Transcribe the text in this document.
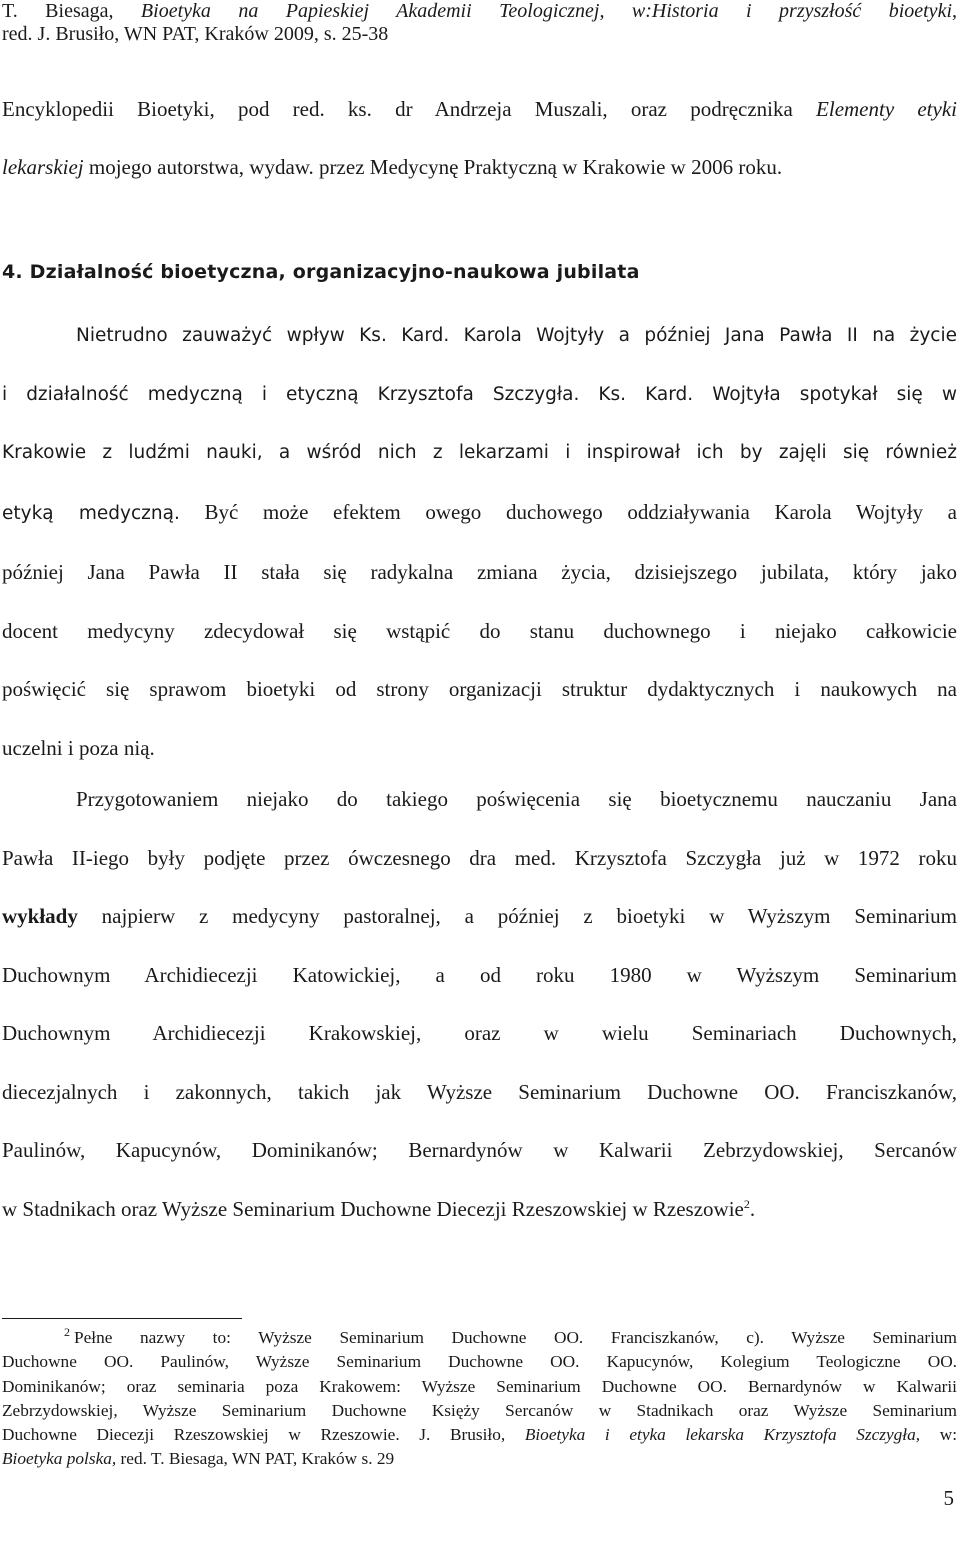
T. Biesaga, Bioetyka na Papieskiej Akademii Teologicznej, w:Historia i przyszłość bioetyki,
red. J. Brusiło, WN PAT, Kraków 2009, s. 25-38
Encyklopedii Bioetyki, pod red. ks. dr Andrzeja Muszali, oraz podręcznika Elementy etyki
lekarskiej mojego autorstwa, wydaw. przez Medycynę Praktyczną w Krakowie w 2006 roku.
4. Działalność bioetyczna, organizacyjno-naukowa jubilata
Nietrudno zauważyć wpływ Ks. Kard. Karola Wojtyły a później Jana Pawła II na życie
i działalność medyczną i etyczną Krzysztofa Szczygła. Ks. Kard. Wojtyła spotykał się w
Krakowie z ludźmi nauki, a wśród nich z lekarzami i inspirował ich by zajęli się również
etyką medyczną. Być może efektem owego duchowego oddziaływania Karola Wojtyły a
później Jana Pawła II stała się radykalna zmiana życia, dzisiejszego jubilata, który jako
docent medycyny zdecydował się wstąpić do stanu duchownego i niejako całkowicie
poświęcić się sprawom bioetyki od strony organizacji struktur dydaktycznych i naukowych na
uczelni i poza nią.
Przygotowaniem niejako do takiego poświęcenia się bioetycznemu nauczaniu Jana
Pawła II-iego były podjęte przez ówczesnego dra med. Krzysztofa Szczygła już w 1972 roku
wykłady najpierw z medycyny pastoralnej, a później z bioetyki w Wyższym Seminarium
Duchownym Archidiecezji Katowickiej, a od roku 1980 w Wyższym Seminarium
Duchownym Archidiecezji Krakowskiej, oraz w wielu Seminariach Duchownych,
diecezjalnych i zakonnych, takich jak Wyższe Seminarium Duchowne OO. Franciszkanów,
Paulinów, Kapucynów, Dominikanów; Bernardynów w Kalwarii Zebrzydowskiej, Sercanów
w Stadnikach oraz Wyższe Seminarium Duchowne Diecezji Rzeszowskiej w Rzeszowie$^2$.
$^2$ Pełne nazwy to: Wyższe Seminarium Duchowne OO. Franciszkanów, c). Wyższe Seminarium
Duchowne OO. Paulinów, Wyższe Seminarium Duchowne OO. Kapucynów, Kolegium Teologiczne OO.
Dominikanów; oraz seminaria poza Krakowem: Wyższe Seminarium Duchowne OO. Bernardynów w Kalwarii
Zebrzydowskiej, Wyższe Seminarium Duchowne Księży Sercanów w Stadnikach oraz Wyższe Seminarium
Duchowne Diecezji Rzeszowskiej w Rzeszowie. J. Brusiło, Bioetyka i etyka lekarska Krzysztofa Szczygła, w:
Bioetyka polska, red. T. Biesaga, WN PAT, Kraków s. 29

5
